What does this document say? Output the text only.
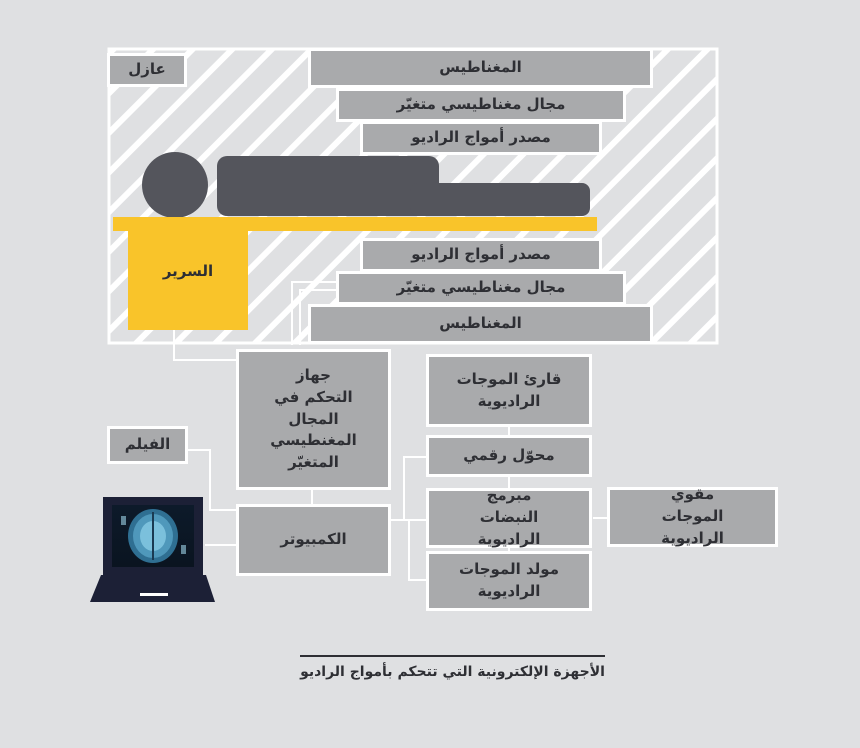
عازل	المغناطيس
مجال مغناطيسي متغيّر
مصدر أمواج الراديو
السرير
مصدر أمواج الراديو
مجال مغناطيسي متغيّر
المغناطيس
جهاز التحكم في المجال المغنطيسي المتغيّر
قارئ الموجات الراديوية
محوّل رقمي
مبرمج النبضات الراديوية
مقوي الموجات الراديوية
مولد الموجات الراديوية
الفيلم
الكمبيوتر
الأجهزة الإلكترونية التي تتحكم بأمواج الراديو
